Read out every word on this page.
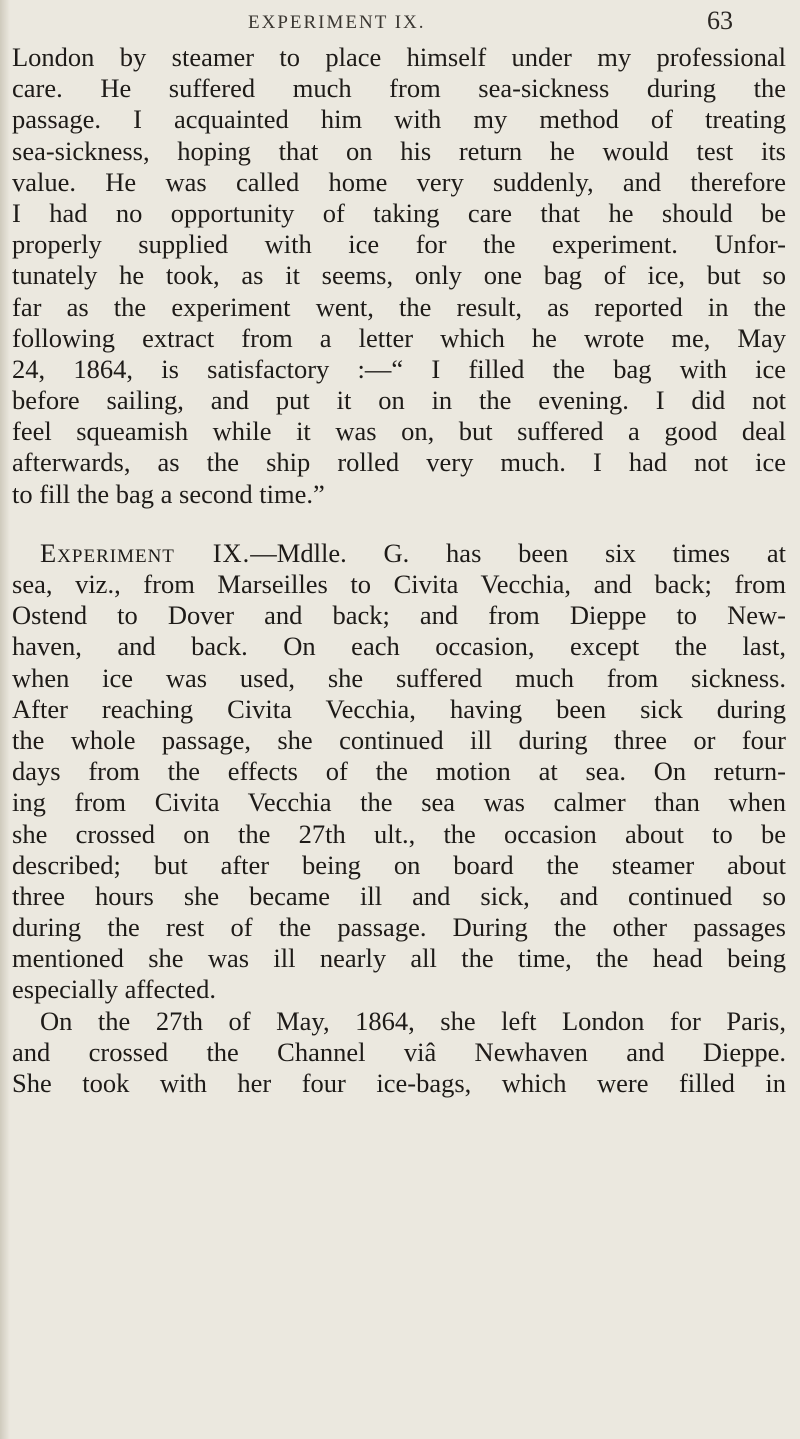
EXPERIMENT IX.	63
London by steamer to place himself under my professional
care. He suffered much from sea-sickness during the
passage. I acquainted him with my method of treating
sea-sickness, hoping that on his return he would test its
value. He was called home very suddenly, and therefore
I had no opportunity of taking care that he should be
properly supplied with ice for the experiment. Unfor-
tunately he took, as it seems, only one bag of ice, but so
far as the experiment went, the result, as reported in the
following extract from a letter which he wrote me, May
24, 1864, is satisfactory :—“ I filled the bag with ice
before sailing, and put it on in the evening. I did not
feel squeamish while it was on, but suffered a good deal
afterwards, as the ship rolled very much. I had not ice
to fill the bag a second time.”
Experiment IX.—Mdlle. G. has been six times at
sea, viz., from Marseilles to Civita Vecchia, and back; from
Ostend to Dover and back; and from Dieppe to New-
haven, and back. On each occasion, except the last,
when ice was used, she suffered much from sickness.
After reaching Civita Vecchia, having been sick during
the whole passage, she continued ill during three or four
days from the effects of the motion at sea. On return-
ing from Civita Vecchia the sea was calmer than when
she crossed on the 27th ult., the occasion about to be
described; but after being on board the steamer about
three hours she became ill and sick, and continued so
during the rest of the passage. During the other passages
mentioned she was ill nearly all the time, the head being
especially affected.
On the 27th of May, 1864, she left London for Paris,
and crossed the Channel viâ Newhaven and Dieppe.
She took with her four ice-bags, which were filled in
